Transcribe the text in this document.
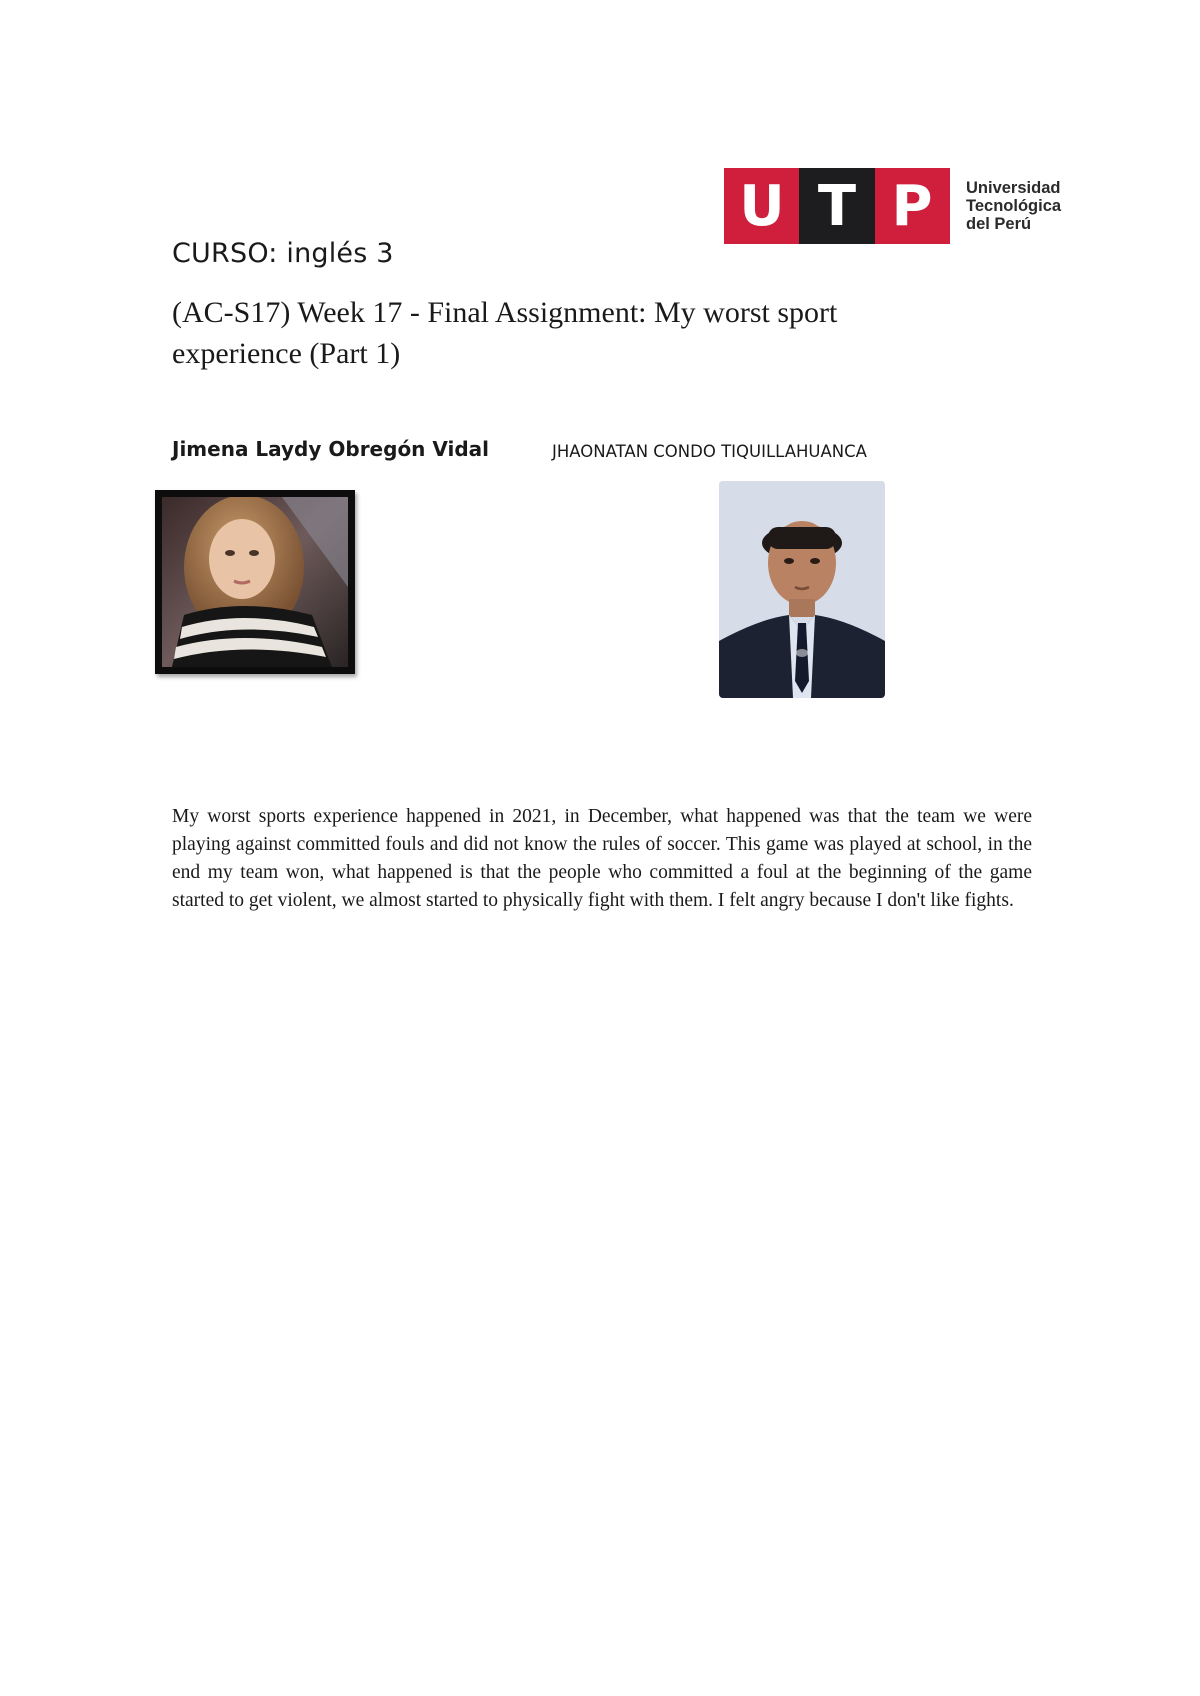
U T P	Universidad
Tecnológica
del Perú
CURSO: inglés 3
(AC-S17) Week 17 - Final Assignment: My worst sport experience (Part 1)
Jimena Laydy Obregón Vidal	JHAONATAN CONDO TIQUILLAHUANCA
My worst sports experience happened in 2021, in December, what happened was that the team we were playing against committed fouls and did not know the rules of soccer. This game was played at school, in the end my team won, what happened is that the people who committed a foul at the beginning of the game started to get violent, we almost started to physically fight with them. I felt angry because I don't like fights.
